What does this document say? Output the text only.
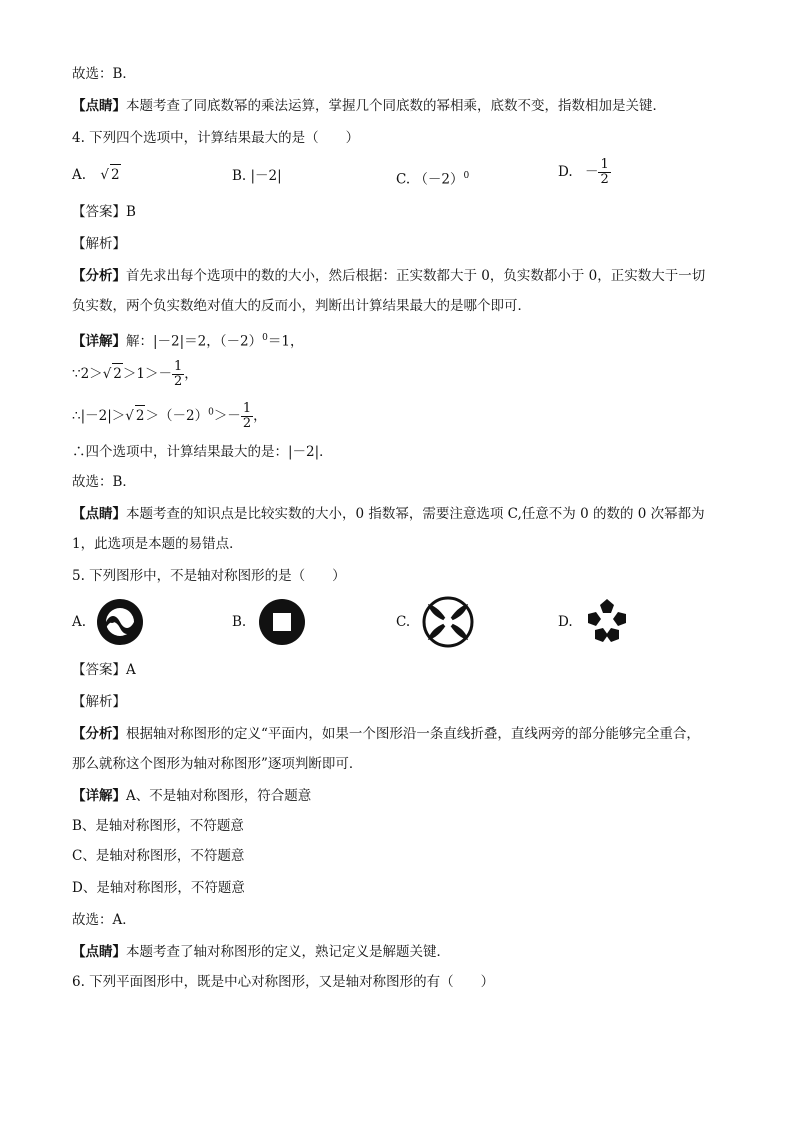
故选：B．
【点睛】本题考查了同底数幂的乘法运算，掌握几个同底数的幂相乘，底数不变，指数相加是关键．
4. 下列四个选项中，计算结果最大的是（　　）
A. √ 2	B. |－2|	C. $(-2)^0$	D. － $\frac{1}{2}$
【答案】B
【解析】
【分析】首先求出每个选项中的数的大小，然后根据：正实数都大于 0，负实数都小于 0，正实数大于一切
负实数，两个负实数绝对值大的反而小，判断出计算结果最大的是哪个即可．
【详解】解：|－2|＝2，$(-2)^0=1$，
∵2＞√ $2>1>- \frac{1}{2}$ ，
∴|－2|＞√ $2>(-2)^0>- \frac{1}{2}$ ，
∴四个选项中，计算结果最大的是：|－2|．
故选：B．
【点睛】本题考查的知识点是比较实数的大小，0 指数幂，需要注意选项 C,任意不为 0 的数的 0 次幂都为
1，此选项是本题的易错点．
5. 下列图形中，不是轴对称图形的是（　　）
A.	B.	C.	D.
【答案】A
【解析】
【分析】根据轴对称图形的定义“平面内，如果一个图形沿一条直线折叠，直线两旁的部分能够完全重合，
那么就称这个图形为轴对称图形”逐项判断即可．
【详解】A、不是轴对称图形，符合题意
B、是轴对称图形，不符题意
C、是轴对称图形，不符题意
D、是轴对称图形，不符题意
故选：A．
【点睛】本题考查了轴对称图形的定义，熟记定义是解题关键．
6. 下列平面图形中，既是中心对称图形，又是轴对称图形的有（　　）
